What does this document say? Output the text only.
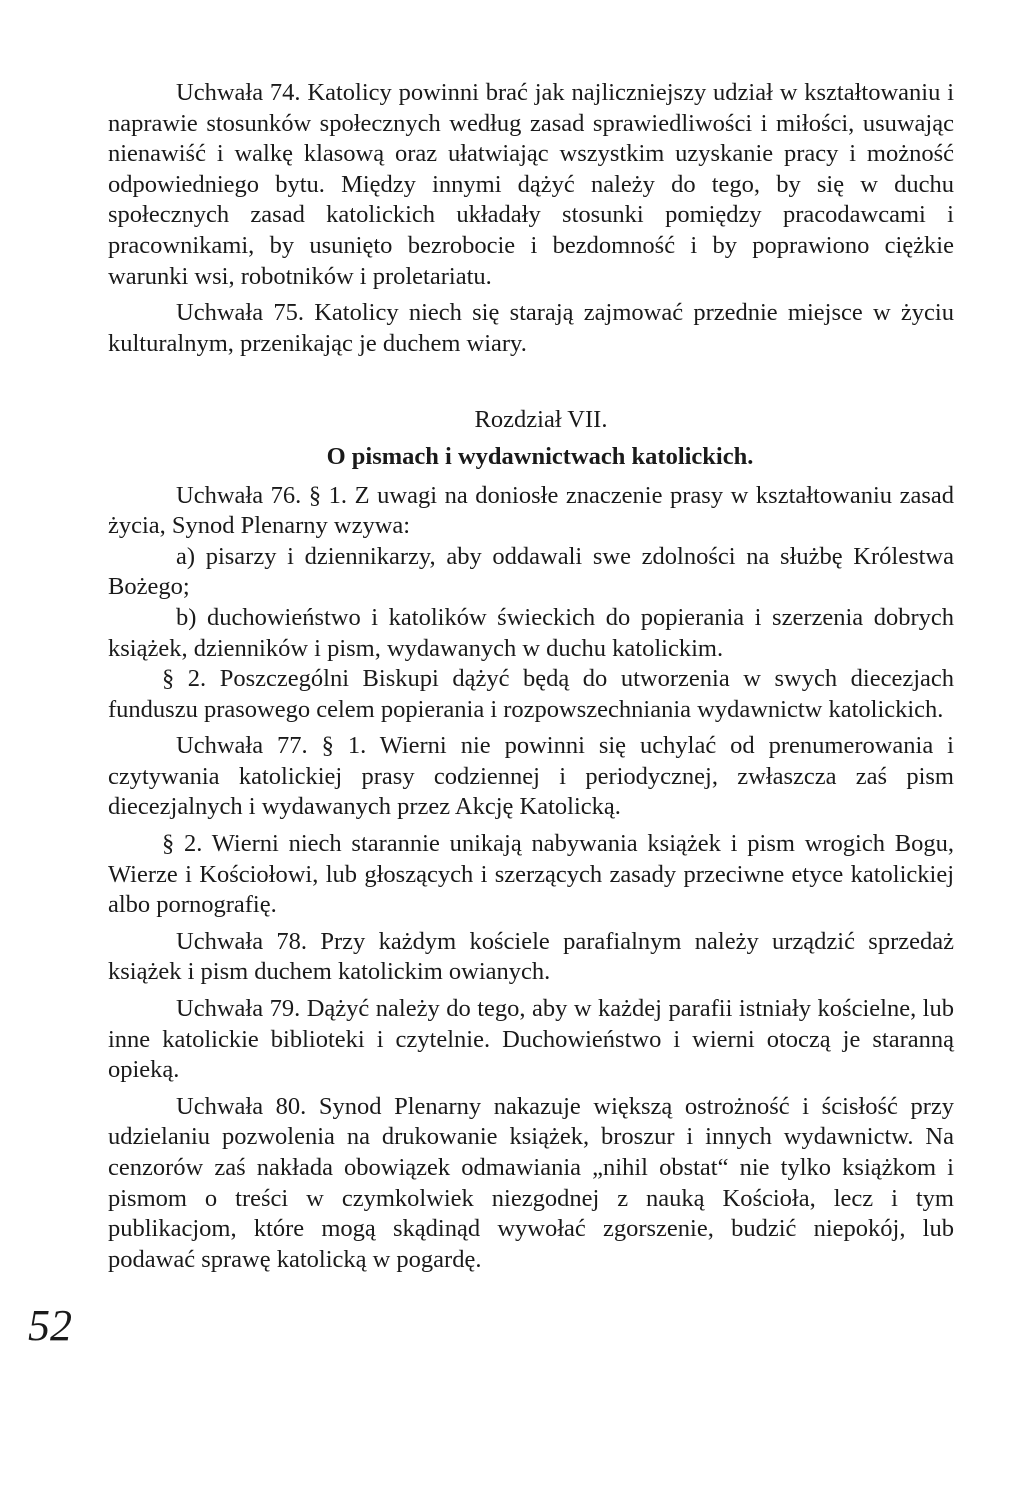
Uchwała 74. Katolicy powinni brać jak najliczniejszy udział w kształtowaniu i naprawie stosunków społecznych według zasad sprawiedliwości i miłości, usuwając nienawiść i walkę klasową oraz ułatwiając wszystkim uzyskanie pracy i możność odpowiedniego bytu. Między innymi dążyć należy do tego, by się w duchu społecznych zasad katolickich układały stosunki pomiędzy pracodawcami i pracownikami, by usunięto bezrobocie i bezdomność i by poprawiono ciężkie warunki wsi, robotników i proletariatu.

Uchwała 75. Katolicy niech się starają zajmować przednie miejsce w życiu kulturalnym, przenikając je duchem wiary.

Rozdział VII.
O pismach i wydawnictwach katolickich.

Uchwała 76. § 1. Z uwagi na doniosłe znaczenie prasy w kształtowaniu zasad życia, Synod Plenarny wzywa:

a) pisarzy i dziennikarzy, aby oddawali swe zdolności na służbę Królestwa Bożego;

b) duchowieństwo i katolików świeckich do popierania i szerzenia dobrych książek, dzienników i pism, wydawanych w duchu katolickim.

§ 2. Poszczególni Biskupi dążyć będą do utworzenia w swych diecezjach funduszu prasowego celem popierania i rozpowszechniania wydawnictw katolickich.

Uchwała 77. § 1. Wierni nie powinni się uchylać od prenumerowania i czytywania katolickiej prasy codziennej i periodycznej, zwłaszcza zaś pism diecezjalnych i wydawanych przez Akcję Katolicką.

§ 2. Wierni niech starannie unikają nabywania książek i pism wrogich Bogu, Wierze i Kościołowi, lub głoszących i szerzących zasady przeciwne etyce katolickiej albo pornografię.

Uchwała 78. Przy każdym kościele parafialnym należy urządzić sprzedaż książek i pism duchem katolickim owianych.

Uchwała 79. Dążyć należy do tego, aby w każdej parafii istniały kościelne, lub inne katolickie biblioteki i czytelnie. Duchowieństwo i wierni otoczą je staranną opieką.

Uchwała 80. Synod Plenarny nakazuje większą ostrożność i ścisłość przy udzielaniu pozwolenia na drukowanie książek, broszur i innych wydawnictw. Na cenzorów zaś nakłada obowiązek odmawiania „nihil obstat“ nie tylko książkom i pismom o treści w czymkolwiek niezgodnej z nauką Kościoła, lecz i tym publikacjom, które mogą skądinąd wywołać zgorszenie, budzić niepokój, lub podawać sprawę katolicką w pogardę.

52
